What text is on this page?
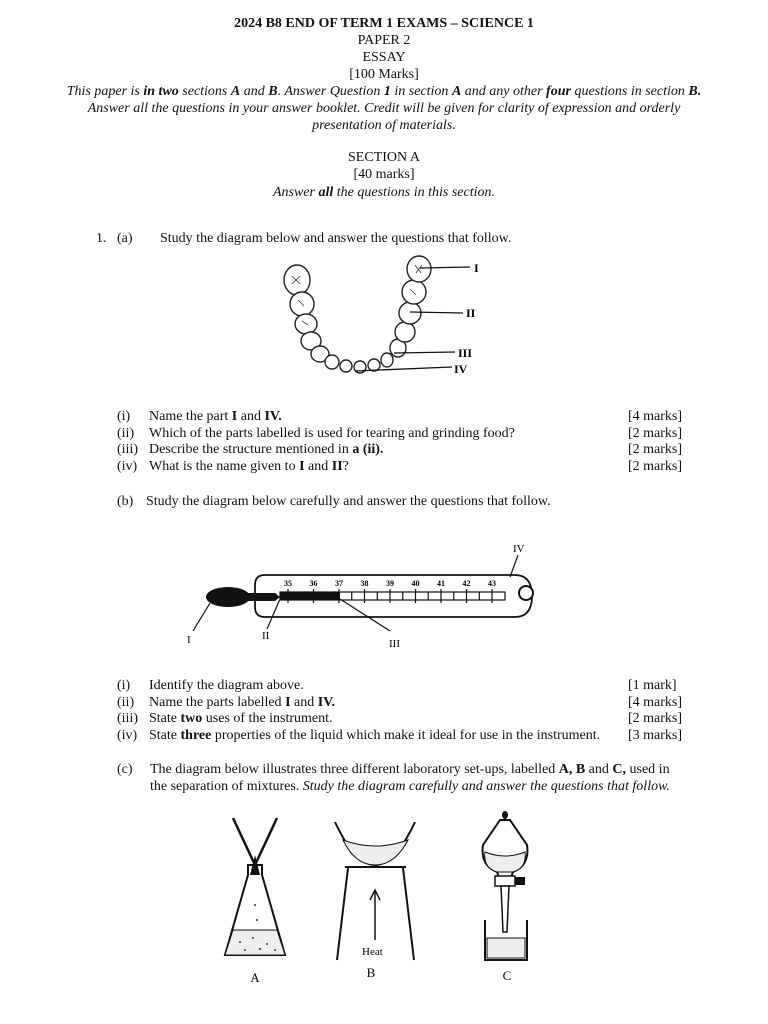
2024 B8 END OF TERM 1 EXAMS – SCIENCE 1
PAPER 2
ESSAY
[100 Marks]
This paper is in two sections A and B. Answer Question 1 in section A and any other four questions in section B. Answer all the questions in your answer booklet. Credit will be given for clarity of expression and orderly presentation of materials.
SECTION A
[40 marks]
Answer all the questions in this section.
1. (a) Study the diagram below and answer the questions that follow.
I
II
III
IV
(i) Name the part I and IV.	[4 marks]
(ii) Which of the parts labelled is used for tearing and grinding food?	[2 marks]
(iii) Describe the structure mentioned in a (ii).	[2 marks]
(iv) What is the name given to I and II?	[2 marks]
(b) Study the diagram below carefully and answer the questions that follow.
35 36 37 38 39 40 41 42 43
I	II
III
IV
(i) Identify the diagram above.	[1 mark]
(ii) Name the parts labelled I and IV.	[4 marks]
(iii) State two uses of the instrument.	[2 marks]
(iv) State three properties of the liquid which make it ideal for use in the instrument. [3 marks]
(c) The diagram below illustrates three different laboratory set-ups, labelled A, B and C, used in
the separation of mixtures. Study the diagram carefully and answer the questions that follow.
Heat
A	B	C
